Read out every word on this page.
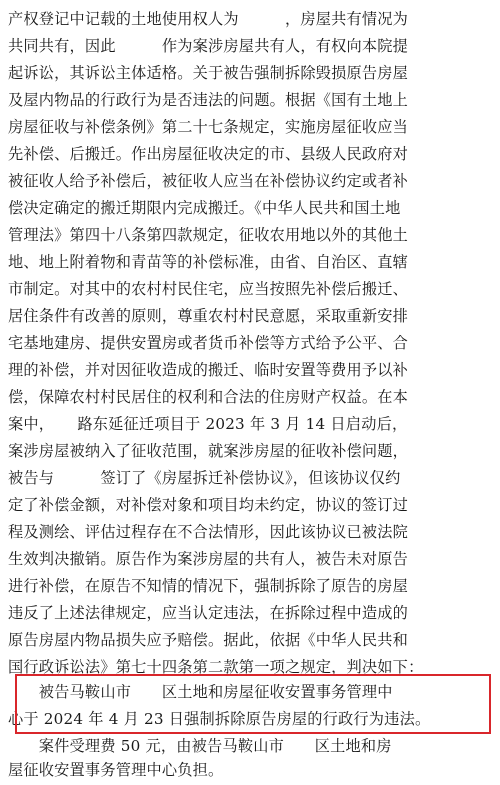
产权登记中记载的土地使用权人为　　　，房屋共有情况为
共同共有，因此　　　作为案涉房屋共有人，有权向本院提
起诉讼，其诉讼主体适格。关于被告强制拆除毁损原告房屋
及屋内物品的行政行为是否违法的问题。根据《国有土地上
房屋征收与补偿条例》第二十七条规定，实施房屋征收应当
先补偿、后搬迁。作出房屋征收决定的市、县级人民政府对
被征收人给予补偿后，被征收人应当在补偿协议约定或者补
偿决定确定的搬迁期限内完成搬迁。《中华人民共和国土地
管理法》第四十八条第四款规定，征收农用地以外的其他土
地、地上附着物和青苗等的补偿标准，由省、自治区、直辖
市制定。对其中的农村村民住宅，应当按照先补偿后搬迁、
居住条件有改善的原则，尊重农村村民意愿，采取重新安排
宅基地建房、提供安置房或者货币补偿等方式给予公平、合
理的补偿，并对因征收造成的搬迁、临时安置等费用予以补
偿，保障农村村民居住的权利和合法的住房财产权益。在本
案中，　　路东延征迁项目于 2023 年 3 月 14 日启动后，
案涉房屋被纳入了征收范围，就案涉房屋的征收补偿问题，
被告与　　　签订了《房屋拆迁补偿协议》，但该协议仅约
定了补偿金额，对补偿对象和项目均未约定，协议的签订过
程及测绘、评估过程存在不合法情形，因此该协议已被法院
生效判决撤销。原告作为案涉房屋的共有人，被告未对原告
进行补偿，在原告不知情的情况下，强制拆除了原告的房屋
违反了上述法律规定，应当认定违法，在拆除过程中造成的
原告房屋内物品损失应予赔偿。据此，依据《中华人民共和
国行政诉讼法》第七十四条第二款第一项之规定，判决如下：
　　被告马鞍山市　　区土地和房屋征收安置事务管理中
心于 2024 年 4 月 23 日强制拆除原告房屋的行政行为违法。
　　案件受理费 50 元，由被告马鞍山市　　区土地和房
屋征收安置事务管理中心负担。
